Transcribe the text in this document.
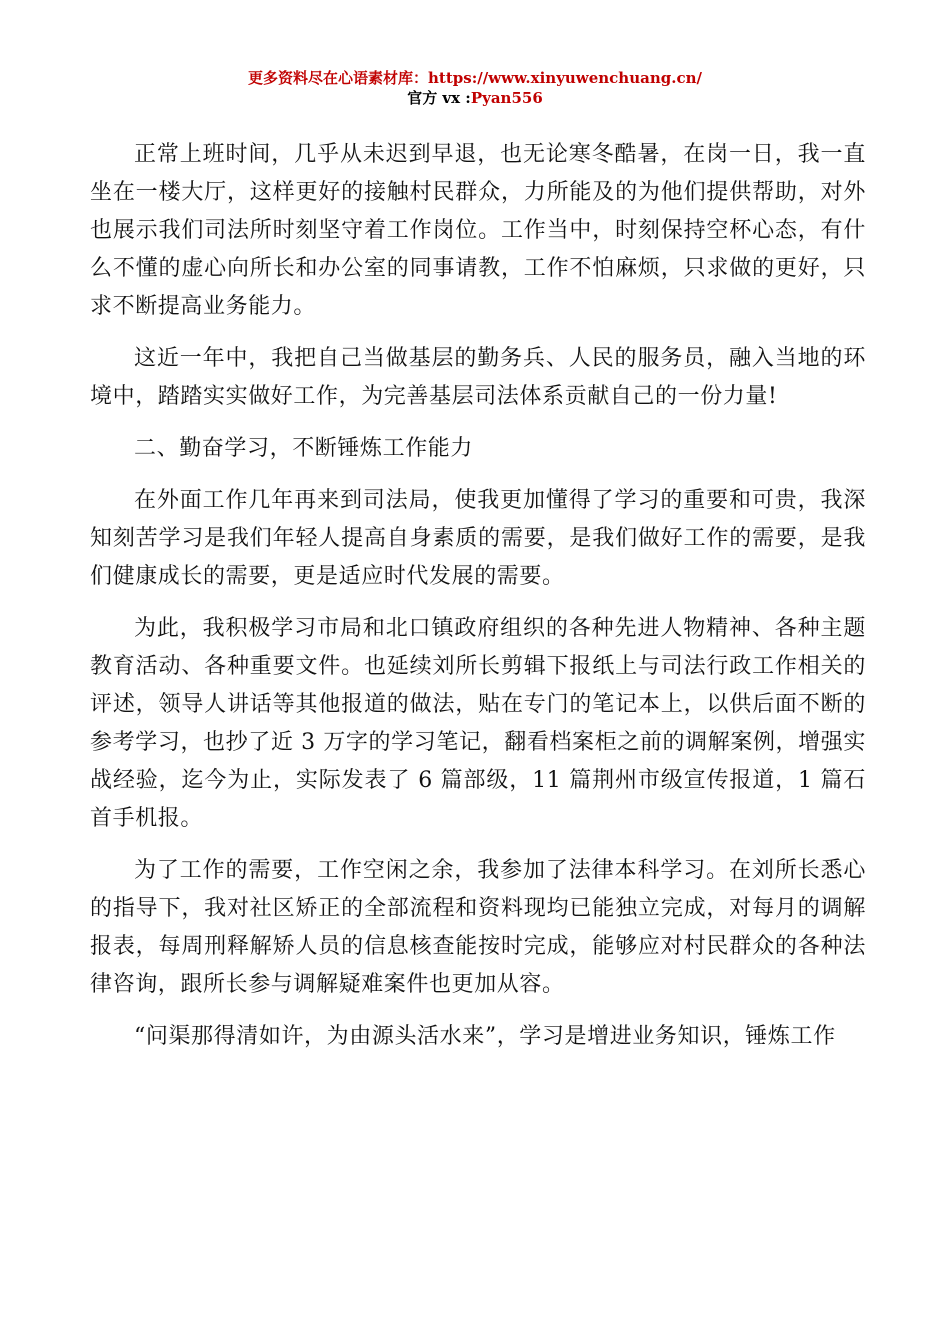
更多资料尽在心语素材库：https://www.xinyuwenchuang.cn/
官方 vx :Pyan556

正常上班时间，几乎从未迟到早退，也无论寒冬酷暑，在岗一日，我一直坐在一楼大厅，这样更好的接触村民群众，力所能及的为他们提供帮助，对外也展示我们司法所时刻坚守着工作岗位。工作当中，时刻保持空杯心态，有什么不懂的虚心向所长和办公室的同事请教，工作不怕麻烦，只求做的更好，只求不断提高业务能力。

这近一年中，我把自己当做基层的勤务兵、人民的服务员，融入当地的环境中，踏踏实实做好工作，为完善基层司法体系贡献自己的一份力量!

二、勤奋学习，不断锤炼工作能力

在外面工作几年再来到司法局，使我更加懂得了学习的重要和可贵，我深知刻苦学习是我们年轻人提高自身素质的需要，是我们做好工作的需要，是我们健康成长的需要，更是适应时代发展的需要。

为此，我积极学习市局和北口镇政府组织的各种先进人物精神、各种主题教育活动、各种重要文件。也延续刘所长剪辑下报纸上与司法行政工作相关的评述，领导人讲话等其他报道的做法，贴在专门的笔记本上，以供后面不断的参考学习，也抄了近 3 万字的学习笔记，翻看档案柜之前的调解案例，增强实战经验，迄今为止，实际发表了 6 篇部级，11 篇荆州市级宣传报道，1 篇石首手机报。

为了工作的需要，工作空闲之余，我参加了法律本科学习。在刘所长悉心的指导下，我对社区矫正的全部流程和资料现均已能独立完成，对每月的调解报表，每周刑释解矫人员的信息核查能按时完成，能够应对村民群众的各种法律咨询，跟所长参与调解疑难案件也更加从容。

“问渠那得清如许，为由源头活水来”，学习是增进业务知识，锤炼工作
